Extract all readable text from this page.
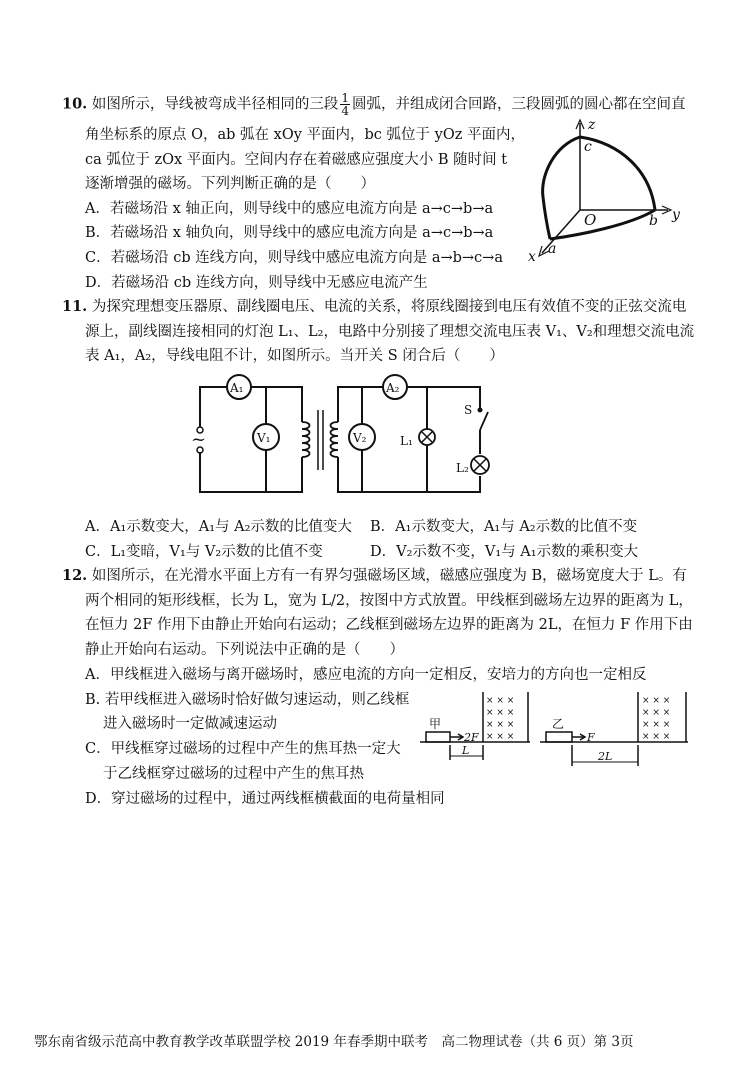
10. 如图所示，导线被弯成半径相同的三段 $\frac{1}{4}$ 圆弧，并组成闭合回路，三段圆弧的圆心都在空间直
角坐标系的原点 O，ab 弧在 xOy 平面内，bc 弧位于 yOz 平面内，
ca 弧位于 zOx 平面内。空间内存在着磁感应强度大小 B 随时间 t
逐渐增强的磁场。下列判断正确的是（　　）
A．若磁场沿 x 轴正向，则导线中的感应电流方向是 a→c→b→a
B．若磁场沿 x 轴负向，则导线中的感应电流方向是 a→c→b→a
C．若磁场沿 cb 连线方向，则导线中感应电流方向是 a→b→c→a
D．若磁场沿 cb 连线方向，则导线中无感应电流产生
z
c
O	b y
a
x
11. 为探究理想变压器原、副线圈电压、电流的关系，将原线圈接到电压有效值不变的正弦交流电
源上，副线圈连接相同的灯泡 L₁、L₂，电路中分别接了理想交流电压表 V₁、V₂和理想交流电流
表 A₁，A₂，导线电阻不计，如图所示。当开关 S 闭合后（　　）
~
A₁	A₂
V₁	V₂	L₁
S
L₂
A．A₁示数变大，A₁与 A₂示数的比值变大 B．A₁示数变大，A₁与 A₂示数的比值不变
C．L₁变暗，V₁与 V₂示数的比值不变	D．V₂示数不变，V₁与 A₁示数的乘积变大
12. 如图所示，在光滑水平面上方有一有界匀强磁场区域，磁感应强度为 B，磁场宽度大于 L。有
两个相同的矩形线框，长为 L，宽为 L/2，按图中方式放置。甲线框到磁场左边界的距离为 L，
在恒力 2F 作用下由静止开始向右运动；乙线框到磁场左边界的距离为 2L，在恒力 F 作用下由
静止开始向右运动。下列说法中正确的是（　　）
A．甲线框进入磁场与离开磁场时，感应电流的方向一定相反，安培力的方向也一定相反
B. 若甲线框进入磁场时恰好做匀速运动，则乙线框
进入磁场时一定做减速运动
C．甲线框穿过磁场的过程中产生的焦耳热一定大
于乙线框穿过磁场的过程中产生的焦耳热
D．穿过磁场的过程中，通过两线框横截面的电荷量相同
甲
2F
L
× × ×
× × ×
× × ×
× × ×
乙
F
2L
× × ×
× × ×
× × ×
× × ×
鄂东南省级示范高中教育教学改革联盟学校 2019 年春季期中联考　高二物理试卷（共 6 页）第 3页
